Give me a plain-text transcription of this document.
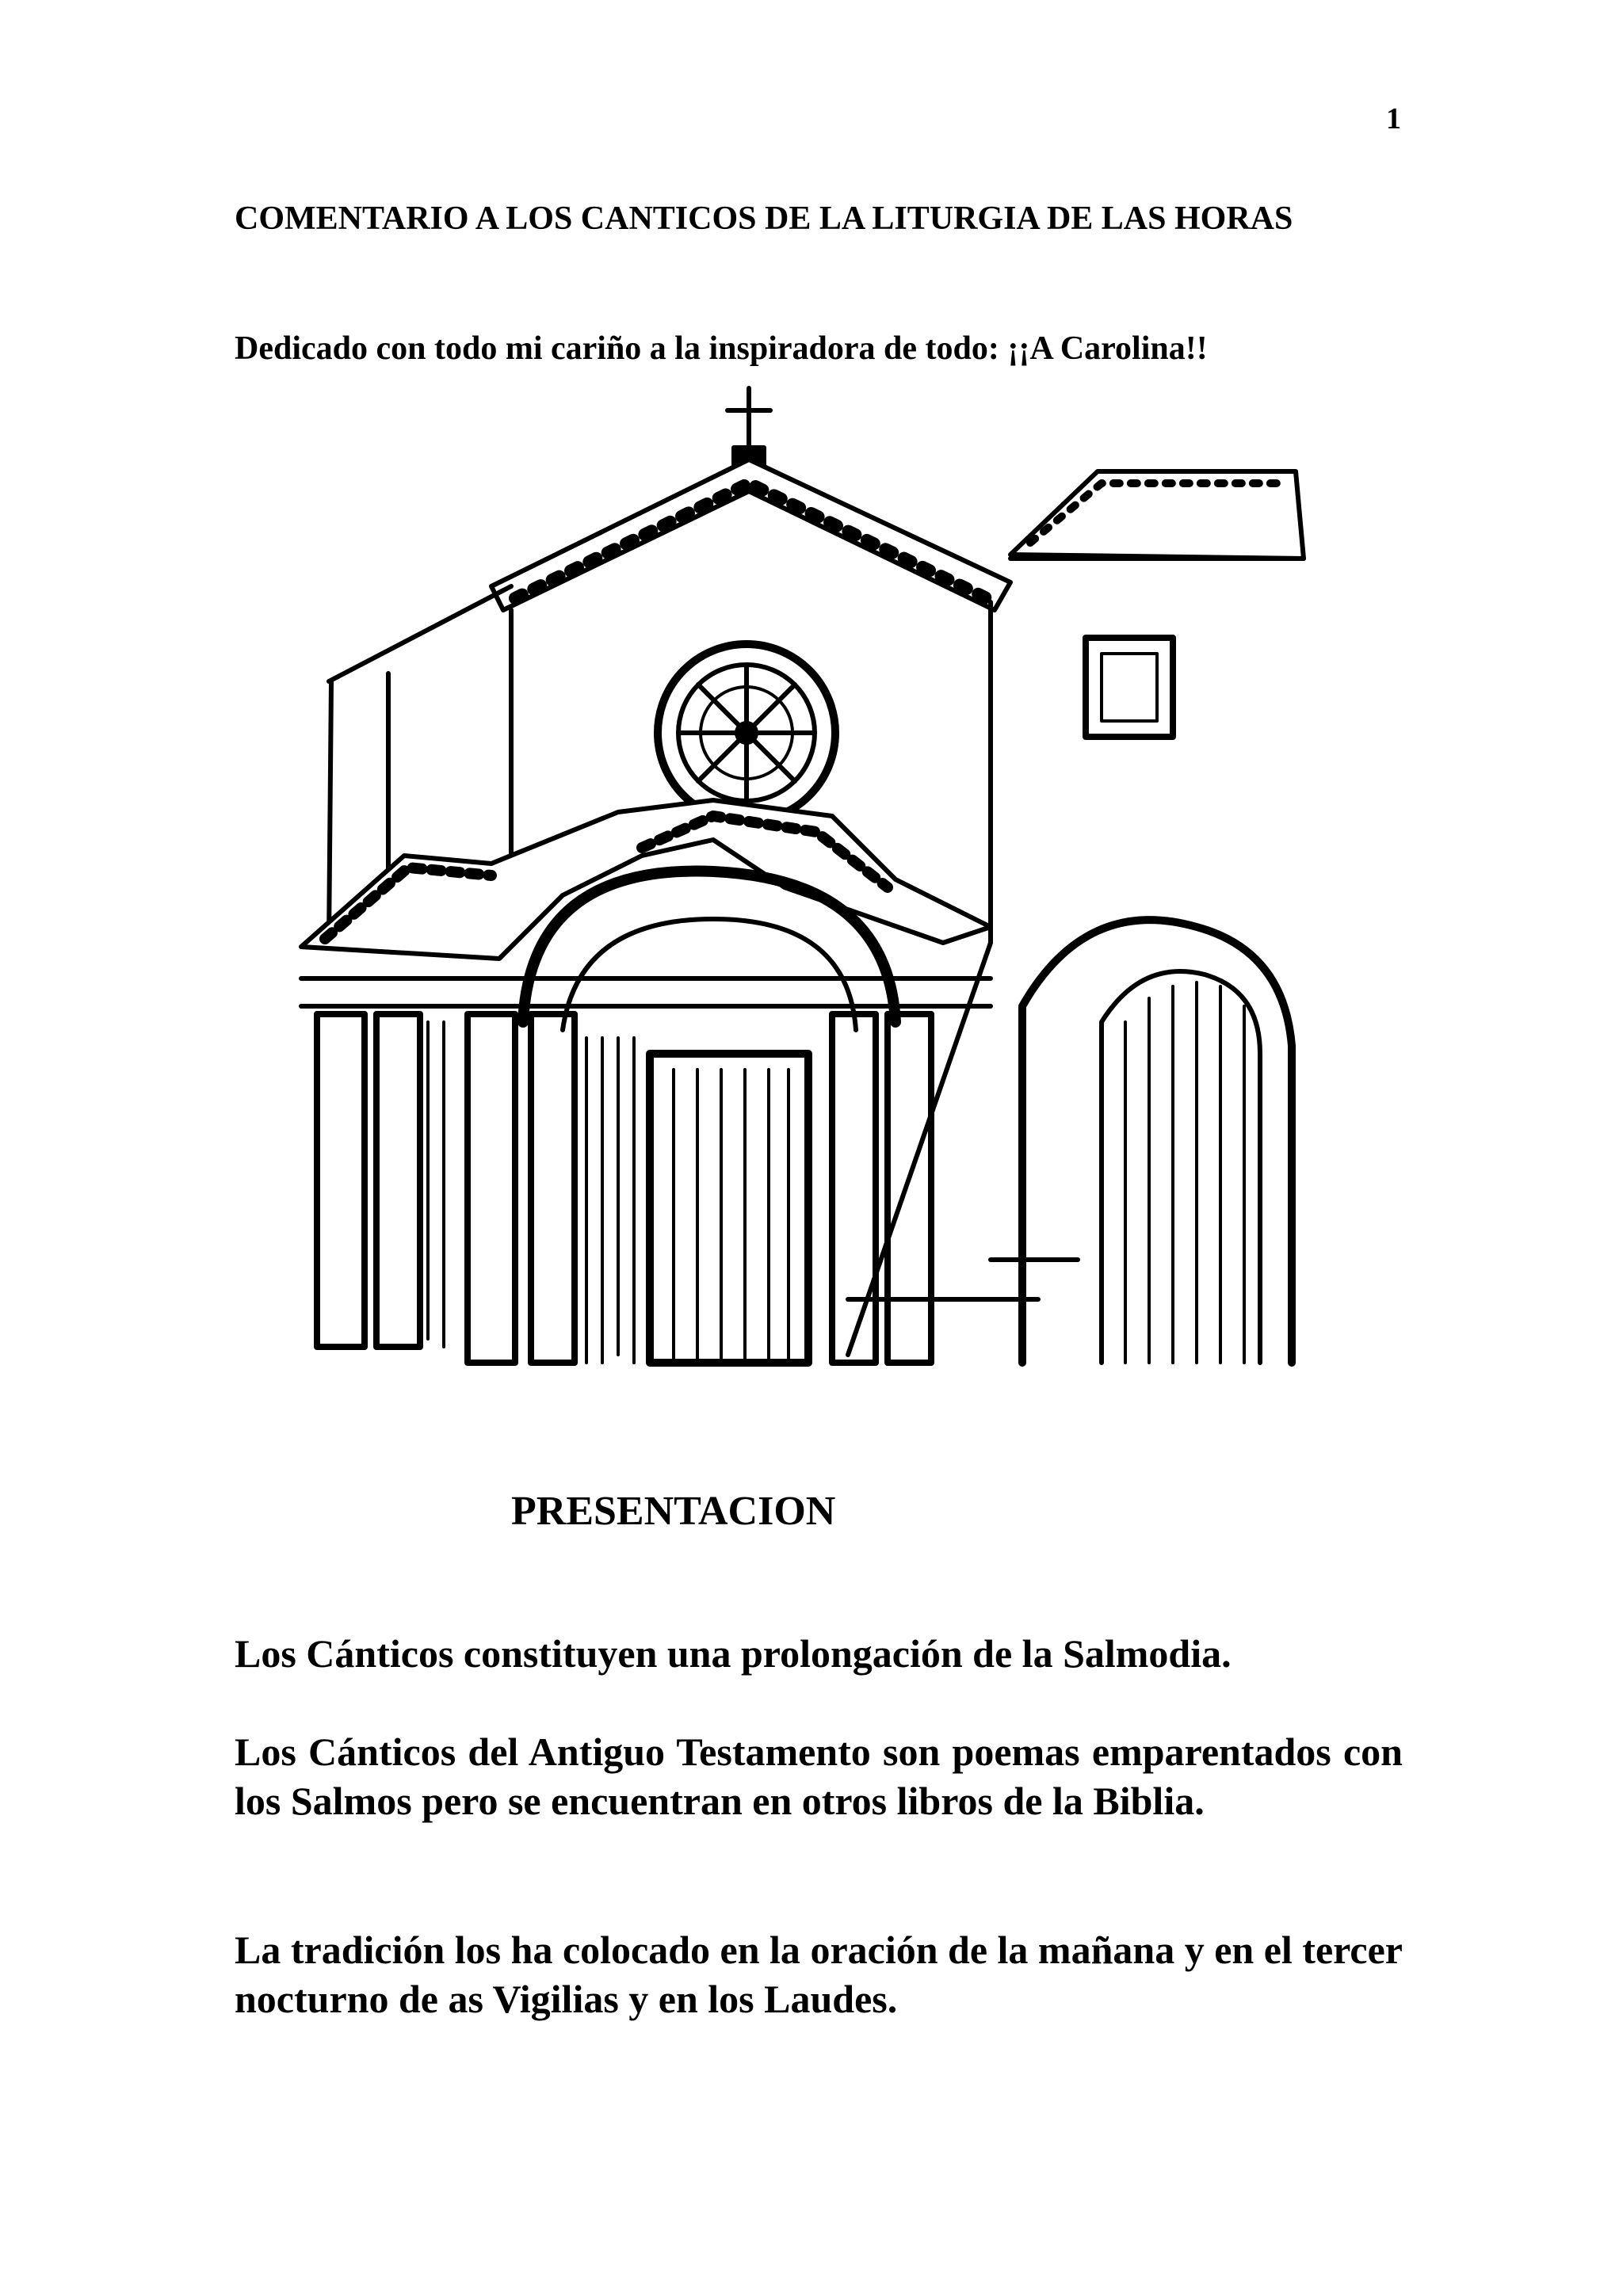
1
COMENTARIO A LOS CANTICOS DE LA LITURGIA DE LAS HORAS

Dedicado con todo mi cariño a la inspiradora de todo: ¡¡A Carolina!!

PRESENTACION

Los Cánticos constituyen una prolongación de la Salmodia.

Los Cánticos del Antiguo Testamento son poemas emparentados con los Salmos pero se encuentran en otros libros de la Biblia.

La tradición los ha colocado en la oración de la mañana y en el tercer nocturno de as Vigilias y en los Laudes.
